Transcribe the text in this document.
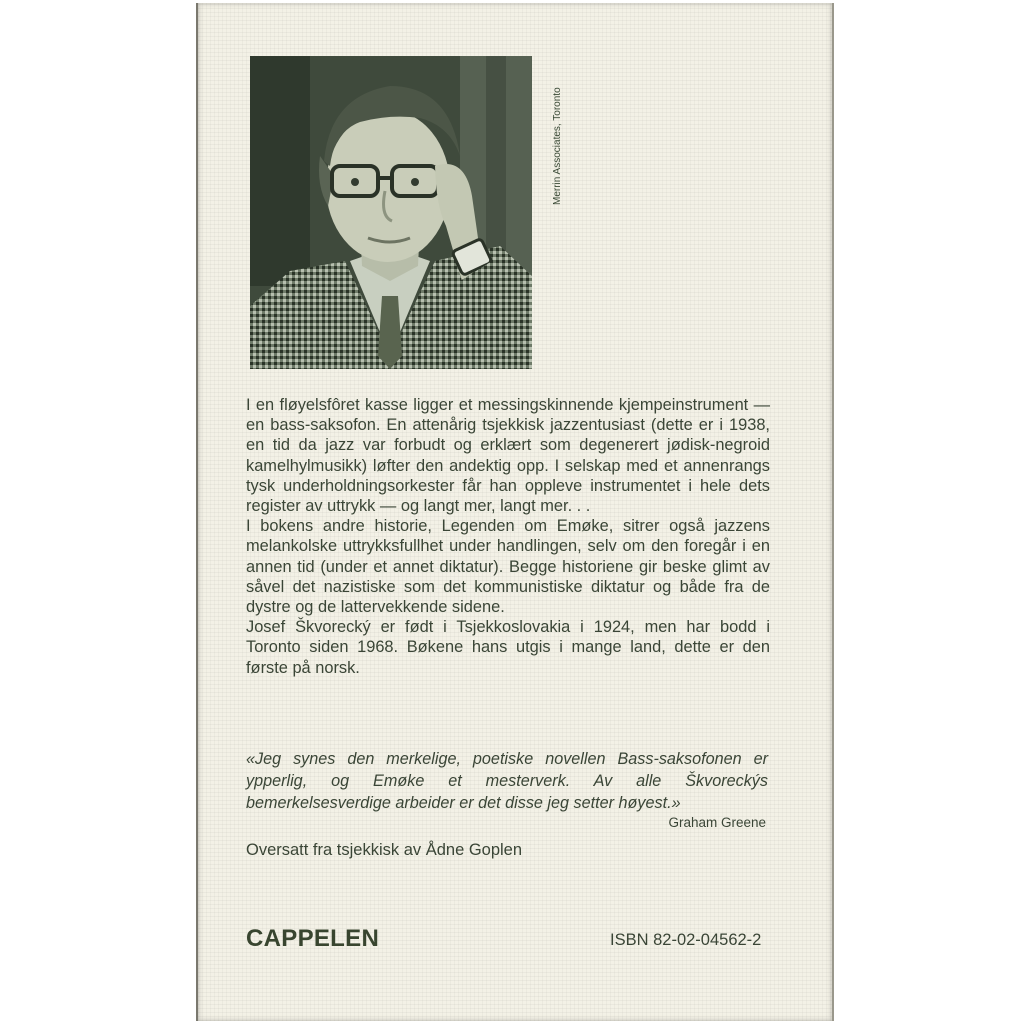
Merrin Associates, Toronto

I en fløyelsfôret kasse ligger et messingskinnende kjempeinstrument — en bass-saksofon. En attenårig tsjekkisk jazzentusiast (dette er i 1938, en tid da jazz var forbudt og erklært som degenerert jødisk-negroid kamelhylmusikk) løfter den andektig opp. I selskap med et annenrangs tysk underholdningsorkester får han oppleve instrumentet i hele dets register av uttrykk — og langt mer, langt mer. . .

I bokens andre historie, Legenden om Emøke, sitrer også jazzens melankolske uttrykksfullhet under handlingen, selv om den foregår i en annen tid (under et annet diktatur). Begge historiene gir beske glimt av såvel det nazistiske som det kommunistiske diktatur og både fra de dystre og de lattervekkende sidene.

Josef Škvorecký er født i Tsjekkoslovakia i 1924, men har bodd i Toronto siden 1968. Bøkene hans utgis i mange land, dette er den første på norsk.

«Jeg synes den merkelige, poetiske novellen Bass-saksofonen er ypperlig, og Emøke et mesterverk. Av alle Škvoreckýs bemerkelsesverdige arbeider er det disse jeg setter høyest.»
Graham Greene
Oversatt fra tsjekkisk av Ådne Goplen
CAPPELEN	ISBN 82-02-04562-2
